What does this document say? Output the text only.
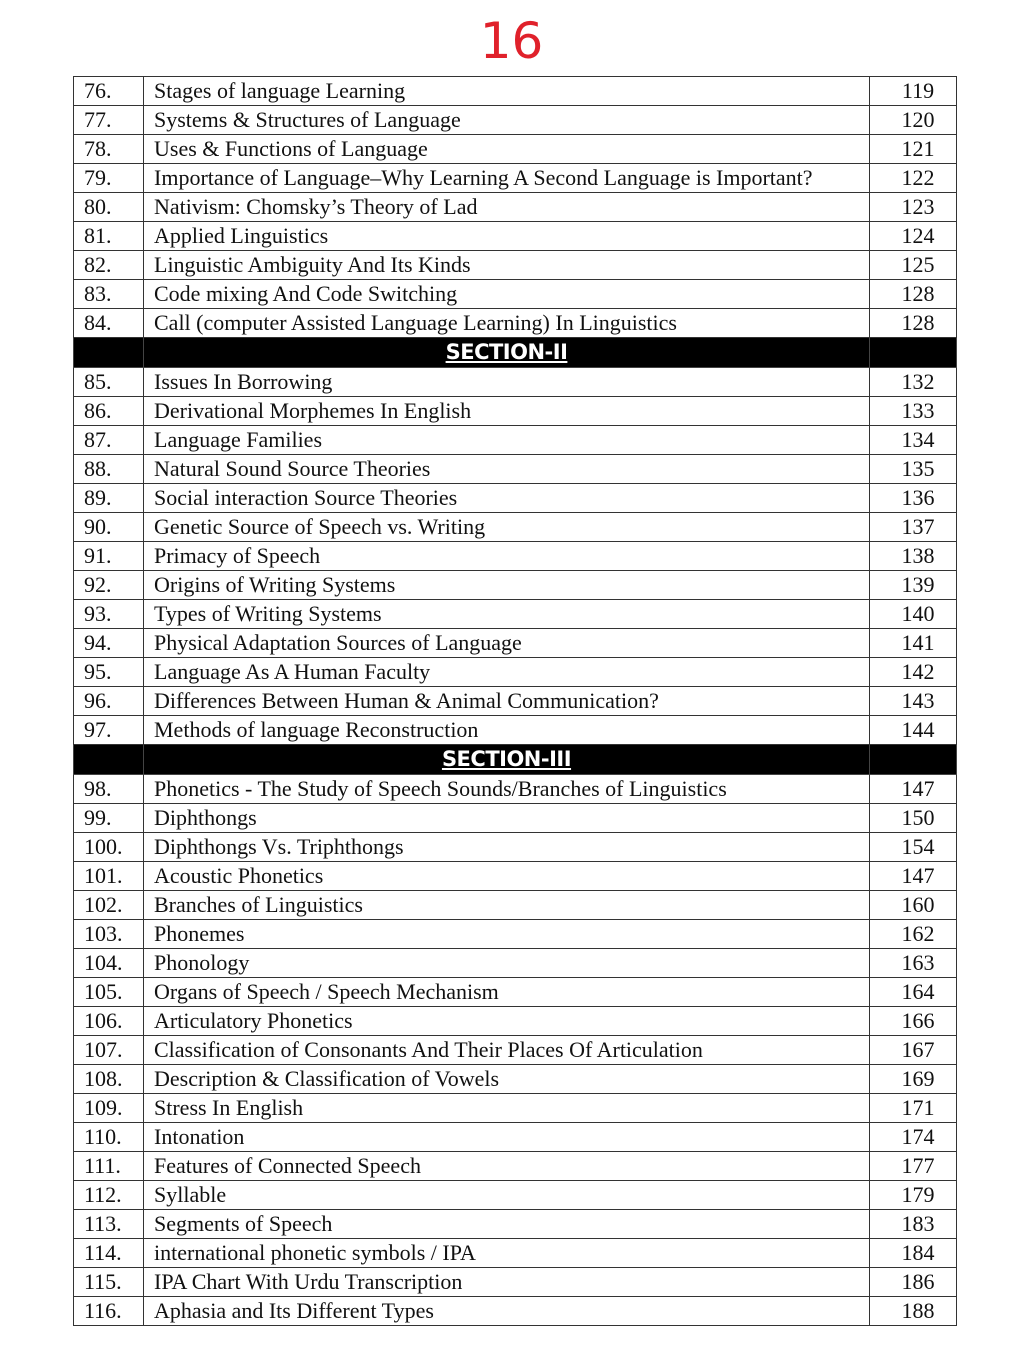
16
76.	Stages of language Learning	119
77.	Systems & Structures of Language	120
78.	Uses & Functions of Language	121
79.	Importance of Language–Why Learning A Second Language is Important?	122
80.	Nativism: Chomsky’s Theory of Lad	123
81.	Applied Linguistics	124
82.	Linguistic Ambiguity And Its Kinds	125
83.	Code mixing And Code Switching	128
84.	Call (computer Assisted Language Learning) In Linguistics	128
	SECTION-II	
85.	Issues In Borrowing	132
86.	Derivational Morphemes In English	133
87.	Language Families	134
88.	Natural Sound Source Theories	135
89.	Social interaction Source Theories	136
90.	Genetic Source of Speech vs. Writing	137
91.	Primacy of Speech	138
92.	Origins of Writing Systems	139
93.	Types of Writing Systems	140
94.	Physical Adaptation Sources of Language	141
95.	Language As A Human Faculty	142
96.	Differences Between Human & Animal Communication?	143
97.	Methods of language Reconstruction	144
	SECTION-III	
98.	Phonetics - The Study of Speech Sounds/Branches of Linguistics	147
99.	Diphthongs	150
100.	Diphthongs Vs. Triphthongs	154
101.	Acoustic Phonetics	147
102.	Branches of Linguistics	160
103.	Phonemes	162
104.	Phonology	163
105.	Organs of Speech / Speech Mechanism	164
106.	Articulatory Phonetics	166
107.	Classification of Consonants And Their Places Of Articulation	167
108.	Description & Classification of Vowels	169
109.	Stress In English	171
110.	Intonation	174
111.	Features of Connected Speech	177
112.	Syllable	179
113.	Segments of Speech	183
114.	international phonetic symbols / IPA	184
115.	IPA Chart With Urdu Transcription	186
116.	Aphasia and Its Different Types	188
